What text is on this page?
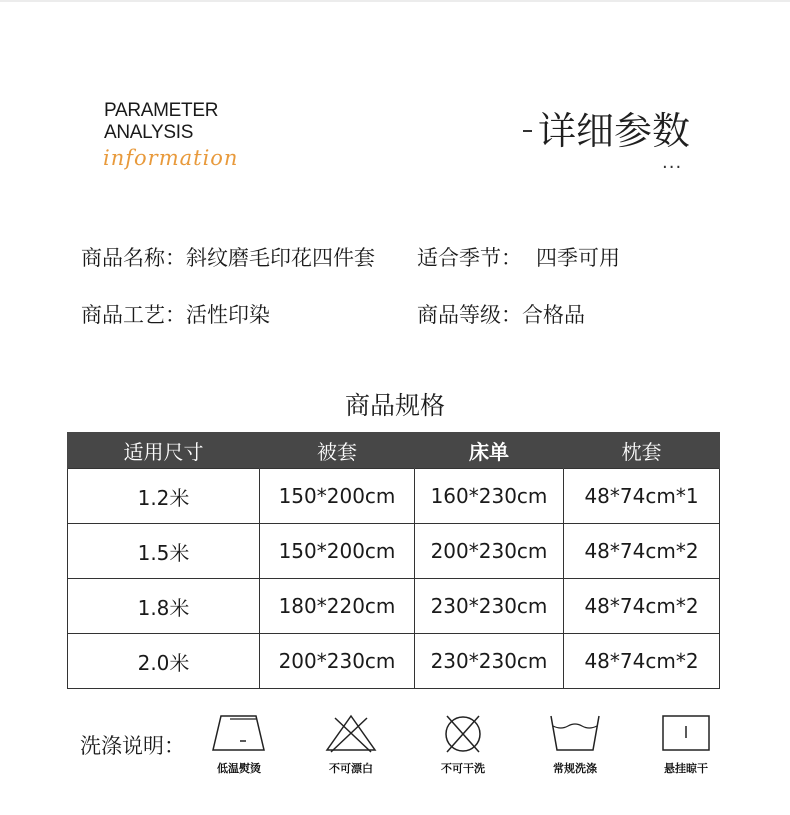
PARAMETER
ANALYSIS
information
详细参数
...
商品名称：斜纹磨毛印花四件套 适合季节： 四季可用
商品工艺：活性印染	商品等级：合格品
商品规格
适用尺寸	被套	床单	枕套
1.2米	150*200cm	160*230cm	48*74cm*1
1.5米	150*200cm	200*230cm	48*74cm*2
1.8米	180*220cm	230*230cm	48*74cm*2
2.0米	200*230cm	230*230cm	48*74cm*2
洗涤说明：
低温熨烫	不可漂白	不可干洗	常规洗涤	悬挂晾干
